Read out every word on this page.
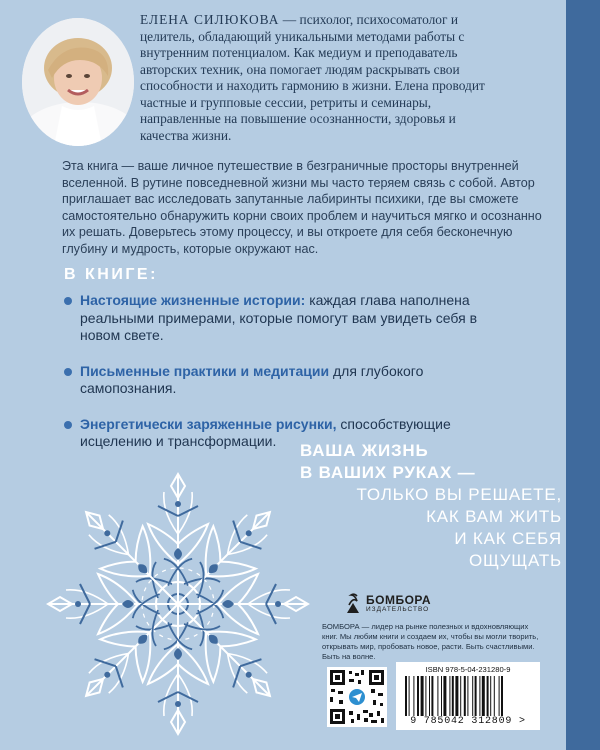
ЕЛЕНА СИЛЮКОВА — психолог, психосоматолог и целитель, обладающий уникальными методами работы с внутренним потенциалом. Как медиум и преподаватель авторских техник, она помогает людям раскрывать свои способности и находить гармонию в жизни. Елена проводит частные и групповые сессии, ретриты и семинары, направленные на повышение осознанности, здоровья и качества жизни.
Эта книга — ваше личное путешествие в безграничные просторы внутренней вселенной. В рутине повседневной жизни мы часто теряем связь с собой. Автор приглашает вас исследовать запутанные лабиринты психики, где вы сможете самостоятельно обнаружить корни своих проблем и научиться мягко и осознанно их решать. Доверьтесь этому процессу, и вы откроете для себя бесконечную глубину и мудрость, которые окружают нас.
В КНИГЕ:
Настоящие жизненные истории: каждая глава наполнена реальными примерами, которые помогут вам увидеть себя в новом свете.
Письменные практики и медитации для глубокого самопознания.
Энергетически заряженные рисунки, способствующие исцелению и трансформации.	ВАША ЖИЗНЬ
В ВАШИХ РУКАХ —
ТОЛЬКО ВЫ РЕШАЕТЕ,
КАК ВАМ ЖИТЬ
И КАК СЕБЯ
ОЩУЩАТЬ
БОМБОРА
ИЗДАТЕЛЬСТВО
БОМБОРА — лидер на рынке полезных и вдохновляющих книг. Мы любим книги и создаем их, чтобы вы могли творить, открывать мир, пробовать новое, расти. Быть счастливыми. Быть на волне.
ISBN 978-5-04-231280-9
9 785042 312809 >
